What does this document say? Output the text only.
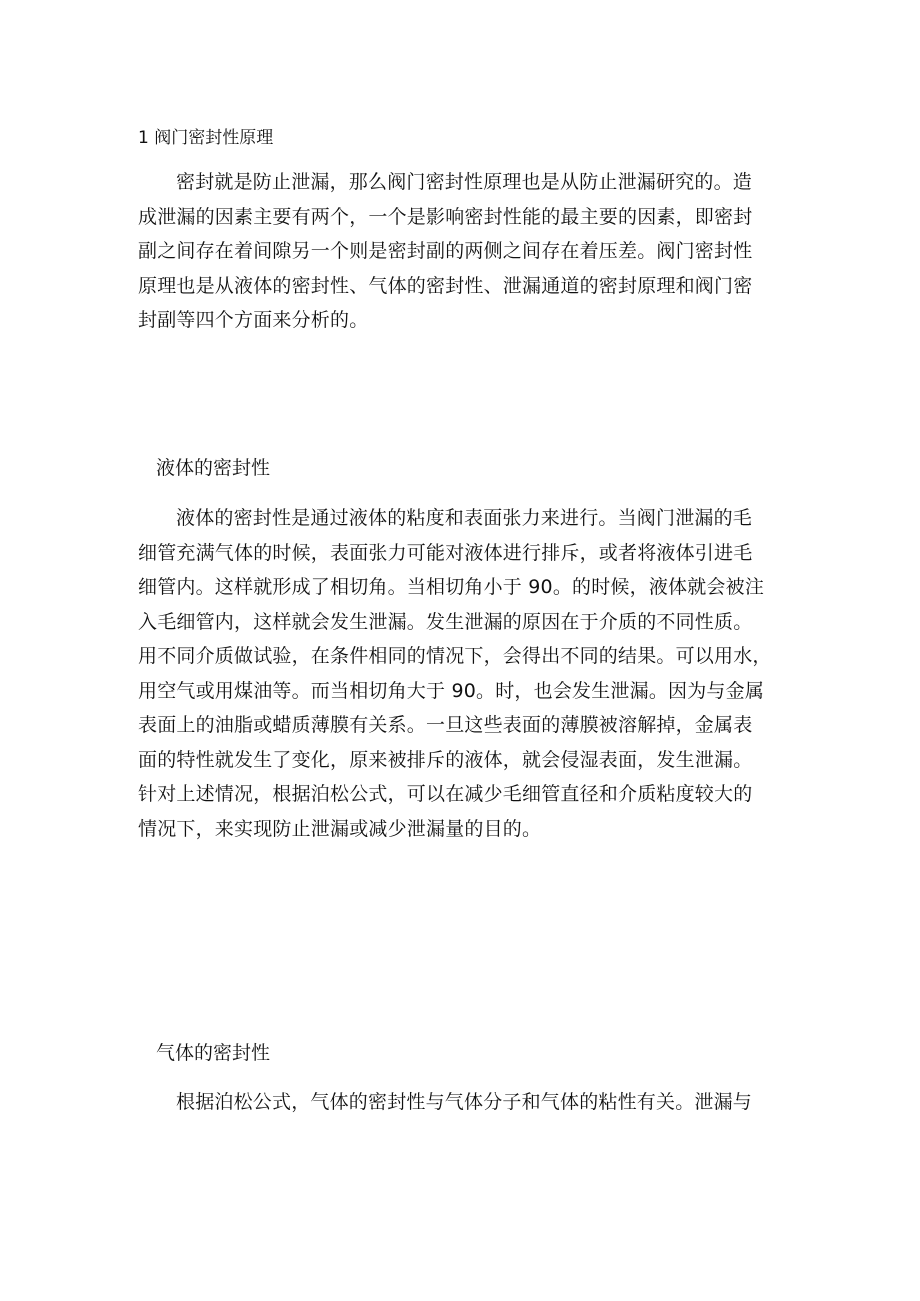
1 阀门密封性原理
密封就是防止泄漏，那么阀门密封性原理也是从防止泄漏研究的。造
成泄漏的因素主要有两个，一个是影响密封性能的最主要的因素，即密封
副之间存在着间隙另一个则是密封副的两侧之间存在着压差。阀门密封性
原理也是从液体的密封性、气体的密封性、泄漏通道的密封原理和阀门密
封副等四个方面来分析的。
液体的密封性
液体的密封性是通过液体的粘度和表面张力来进行。当阀门泄漏的毛
细管充满气体的时候，表面张力可能对液体进行排斥，或者将液体引进毛
细管内。这样就形成了相切角。当相切角小于 90。的时候，液体就会被注
入毛细管内，这样就会发生泄漏。发生泄漏的原因在于介质的不同性质。
用不同介质做试验，在条件相同的情况下，会得出不同的结果。可以用水，
用空气或用煤油等。而当相切角大于 90。时，也会发生泄漏。因为与金属
表面上的油脂或蜡质薄膜有关系。一旦这些表面的薄膜被溶解掉，金属表
面的特性就发生了变化，原来被排斥的液体，就会侵湿表面，发生泄漏。
针对上述情况，根据泊松公式，可以在减少毛细管直径和介质粘度较大的
情况下，来实现防止泄漏或减少泄漏量的目的。
气体的密封性
根据泊松公式，气体的密封性与气体分子和气体的粘性有关。泄漏与
